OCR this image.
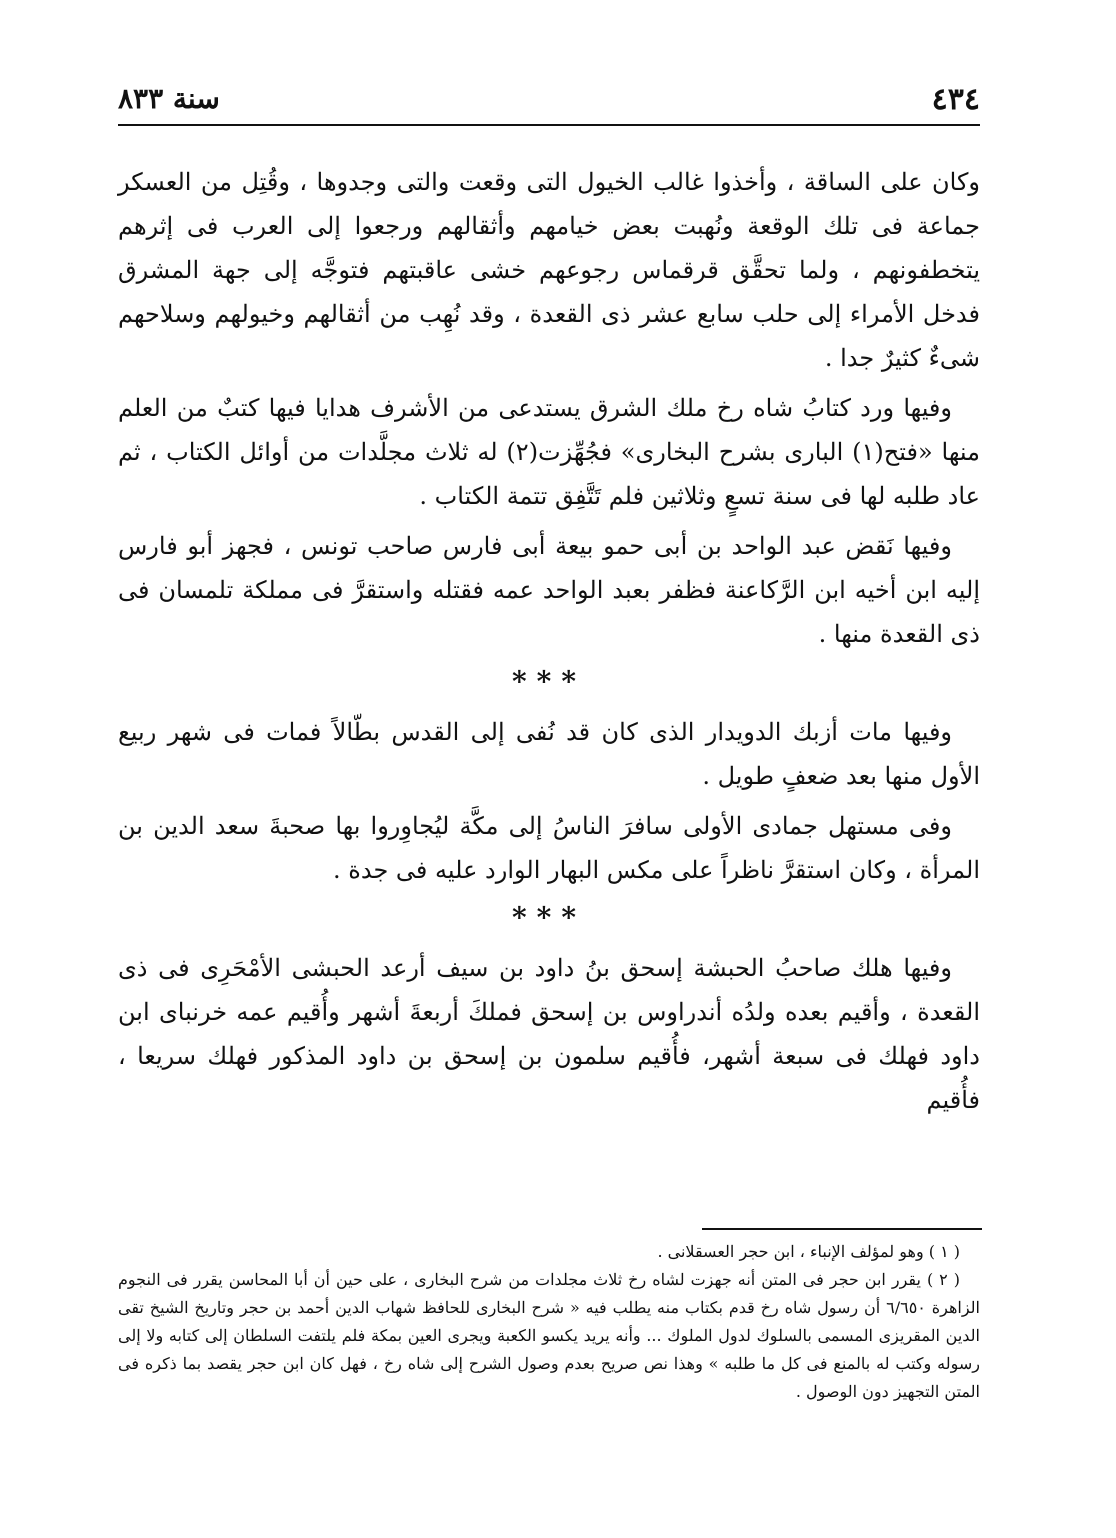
٤٣٤
سنة ٨٣٣

وكان على الساقة ، وأخذوا غالب الخيول التى وقعت والتى وجدوها ، وقُتِل من العسكر جماعة فى تلك الوقعة ونُهبت بعض خيامهم وأثقالهم ورجعوا إلى العرب فى إثرهم يتخطفونهم ، ولما تحقَّق قرقماس رجوعهم خشى عاقبتهم فتوجَّه إلى جهة المشرق فدخل الأمراء إلى حلب سابع عشر ذى القعدة ، وقد نُهِب من أثقالهم وخيولهم وسلاحهم شىءٌ كثيرٌ جدا .

وفيها ورد كتابُ شاه رخ ملك الشرق يستدعى من الأشرف هدايا فيها كتبٌ من العلم منها «فتح(١) البارى بشرح البخارى» فجُهِّزت(٢) له ثلاث مجلَّدات من أوائل الكتاب ، ثم عاد طلبه لها فى سنة تسعٍ وثلاثين فلم تَتَّفِق تتمة الكتاب .

وفيها نَقض عبد الواحد بن أبى حمو بيعة أبى فارس صاحب تونس ، فجهز أبو فارس إليه ابن أخيه ابن الرَّكاعنة فظفر بعبد الواحد عمه فقتله واستقرَّ فى مملكة تلمسان فى ذى القعدة منها .

***

وفيها مات أزبك الدويدار الذى كان قد نُفى إلى القدس بطّالاً فمات فى شهر ربيع الأول منها بعد ضعفٍ طويل .

وفى مستهل جمادى الأولى سافرَ الناسُ إلى مكَّة ليُجاوِروا بها صحبةَ سعد الدين بن المرأة ، وكان استقرَّ ناظراً على مكس البهار الوارد عليه فى جدة .

***

وفيها هلك صاحبُ الحبشة إسحق بنُ داود بن سيف أرعد الحبشى الأمْحَرِى فى ذى القعدة ، وأقيم بعده ولدُه أندراوس بن إسحق فملكَ أربعةَ أشهر وأُقيم عمه خرنباى ابن داود فهلك فى سبعة أشهر، فأُقيم سلمون بن إسحق بن داود المذكور فهلك سريعا ، فأُقيم

( ١ ) وهو لمؤلف الإنباء ، ابن حجر العسقلانى .

( ٢ ) يقرر ابن حجر فى المتن أنه جهزت لشاه رخ ثلاث مجلدات من شرح البخارى ، على حين أن أبا المحاسن يقرر فى النجوم الزاهرة ٦/٦٥٠ أن رسول شاه رخ قدم بكتاب منه يطلب فيه « شرح البخارى للحافظ شهاب الدين أحمد بن حجر وتاريخ الشيخ تقى الدين المقريزى المسمى بالسلوك لدول الملوك ... وأنه يريد يكسو الكعبة ويجرى العين بمكة فلم يلتفت السلطان إلى كتابه ولا إلى رسوله وكتب له بالمنع فى كل ما طلبه » وهذا نص صريح بعدم وصول الشرح إلى شاه رخ ، فهل كان ابن حجر يقصد بما ذكره فى المتن التجهيز دون الوصول .
